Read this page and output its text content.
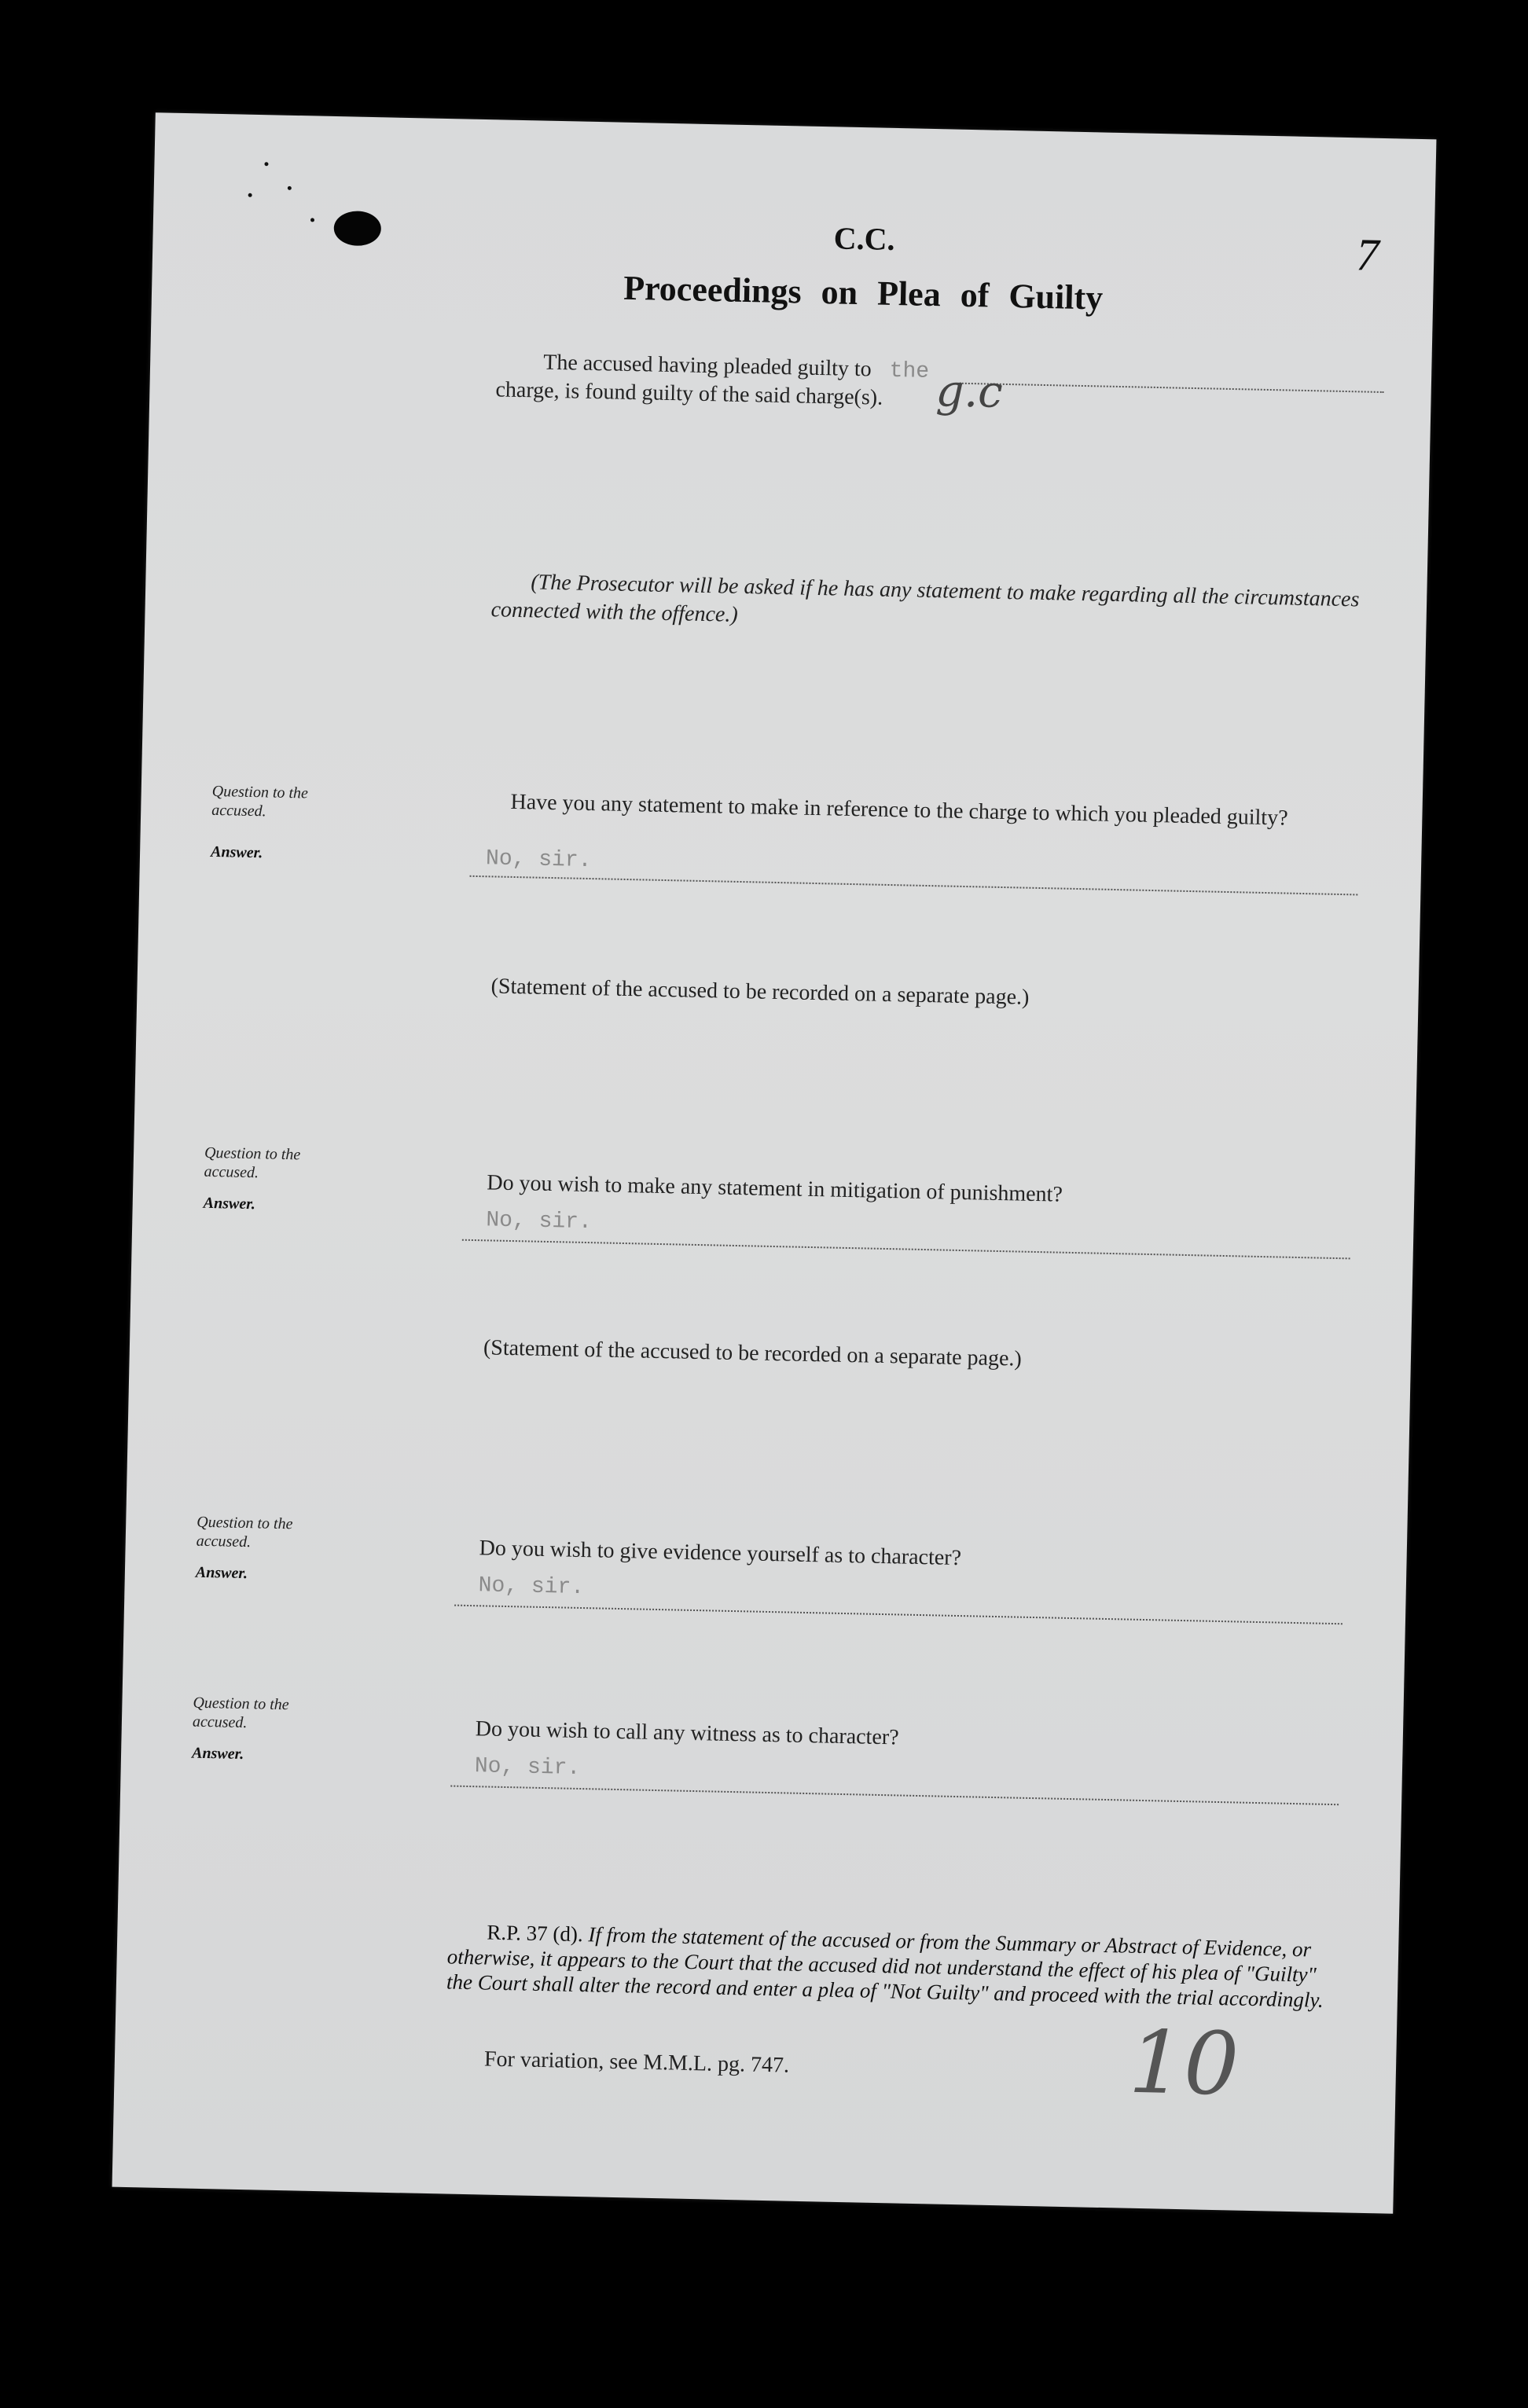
C.C.
Proceedings on Plea of Guilty
7
The accused having pleaded guilty to the
charge, is found guilty of the said charge(s). g.c
(The Prosecutor will be asked if he has any statement to make regarding all the circumstances connected with the offence.)
Question to the accused.
Answer.
Have you any statement to make in reference to the charge to which you pleaded guilty?
No, sir.
(Statement of the accused to be recorded on a separate page.)
Question to the accused.
Answer.	Do you wish to make any statement in mitigation of punishment?
No, sir.
(Statement of the accused to be recorded on a separate page.)
Question to the accused.
Answer.
Do you wish to give evidence yourself as to character?
No, sir.
Question to the accused.
Answer.
Do you wish to call any witness as to character?
No, sir.
R.P. 37 (d). If from the statement of the accused or from the Summary or Abstract of Evidence, or otherwise, it appears to the Court that the accused did not understand the effect of his plea of "Guilty" the Court shall alter the record and enter a plea of "Not Guilty" and proceed with the trial accordingly.
For variation, see M.M.L. pg. 747.	10
